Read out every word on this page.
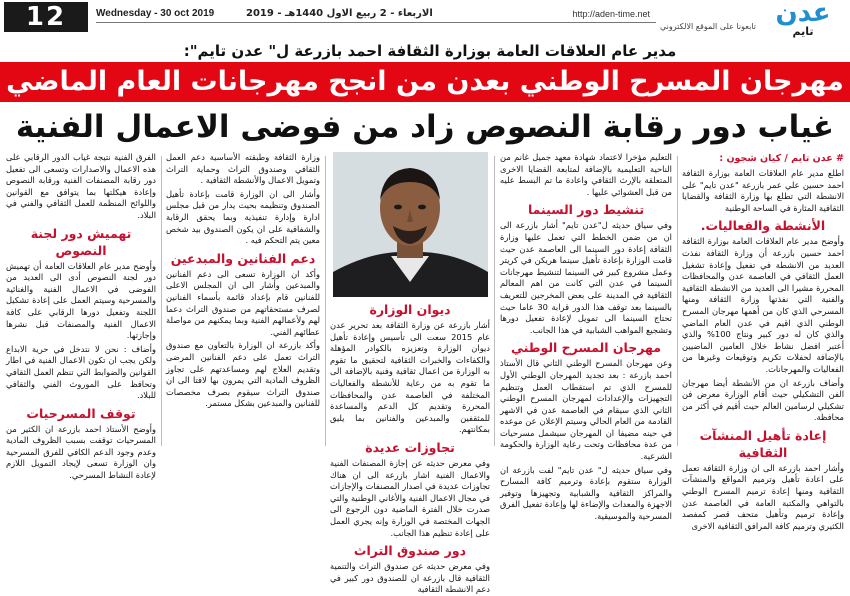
12	Wednesday - 30 oct 2019	الاربعاء - 2 ربيع الاول 1440هـ - 2019	http://aden-time.net
تابعونا على الموقع الالكتروني عدن
تايم
مدير عام العلاقات العامة بوزارة الثقافة احمد بازرعة ل" عدن تايم":
مهرجان المسرح الوطني بعدن من انجح مهرجانات العام الماضي
غياب دور رقابة النصوص زاد من فوضى الاعمال الفنية
# عدن تايم / كيان شجون :

اطلع مدير عام العلاقات العامة بوزارة الثقافة احمد حسين علي عمر بازرعة "عدن تايم" على الانشطة التي تطلع بها وزارة الثقافة والقضايا الثقافية المثارة في الساحة الوطنية

الأنشطة والفعاليات.

وأوضح مدير عام العلاقات العامة بوزارة الثقافة احمد حسين بازرعة أن وزارة الثقافة نفذت العديد من الانشطة في تفعيل وإعادة تشغيل العمل الثقافي في العاصمة عدن والمحافظات المحررة مشيرا الى العديد من الانشطة الثقافية والفنية التي نفذتها وزارة الثقافة ومنها المسرحي الذي كان من أهمها مهرجان المسرح الوطني الذي اقيم في عدن العام الماضي والذي كان له دور كبير ونتاج 100% والذي أعتبر افضل نشاط خلال العامين الماضيين بالإضافة لحفلات تكريم وتوقيعات وغيرها من الفعاليات والمهرجانات.

وأضاف بازرعة ان من الأنشطة أيضا مهرجان الفن التشكيلي حيث أقام الوزارة معرض فن تشكيلي لرسامين العالم حيث أقيم في أكثر من محافظة.

إعادة تأهيل المنشآت الثقافية

وأشار احمد بازرعة الى ان وزارة الثقافة تعمل على اعادة تأهيل وترميم المواقع والمنشآت الثقافية ومنها إعادة ترميم المسرح الوطني بالتواهي والمكتبة العامة في العاصمة عدن وإعادة ترميم وتأهيل متحف قصر كمفصد الكثيري وترميم كافة المرافق الثقافية الاخرى

التعليم مؤخرا لاعتماد شهادة معهد جميل غانم من الناحية التعليمية بالإضافة لمتابعة القضايا الاخرى المتعلقة بالإرث الثقافي واعادة ما تم البسط عليه من قبل العشوائي عليها .

تنشيط دور السينما

وفي سياق حديثه ل"عدن تايم" أشار بازرعة الى ان من ضمن الخطط التي تعمل عليها وزارة الثقافة إعادة دور السينما الى العاصمة عدن حيث قامت الوزارة بإعادة تأهيل سينما هريكن في كريتر وعمل مشروع كبير في السينما لتنشيط مهرجانات السينما في عدن التي كانت من اهم المعالم الثقافية في المدينة على بعض المخرجين للتعريف بالسينما بعد توقف هذا الدور قرابة 30 عاما حيث تحتاج السينما الى تمويل لإعادة تفعيل دورها وتشجيع المواهب الشبابية في هذا الجانب.

مهرجان المسرح الوطني

وعن مهرجان المسرح الوطني الثاني قال الأستاذ احمد بازرعة : بعد تجديد المهرجان الوطني الأول للمسرح الذي تم استقطاب العمل وتنظيم التجهيزات والإعدادات لمهرجان المسرح الوطني الثاني الذي سيقام في العاصمة عدن في الاشهر القادمة من العام الحالي وسيتم الإعلان عن موعده في حينه مضيفا ان المهرجان سيشمل مسرحيات من عدة محافظات وتحت رعاية الوزارة والحكومة الشرعية.

وفي سياق حديثه ل" عدن تايم" لفت بازرعة ان الوزارة ستقوم بإعادة وترميم كافة المسارح والمراكز الثقافية والشبابية وتجهيزها وتوفير الاجهزة والمعدات والإضاءة لها وإعادة تفعيل الفرق المسرحية والموسيقية.

ديوان الوزارة

أشار بازرعة عن وزارة الثقافة بعد تحرير عدن عام 2015 سعت الى تأسيس وإعادة تأهيل ديوان الوزارة وتعزيزه بالكوادر المؤهلة والكفاءات والخبرات الثقافية لتحقيق ما تقوم به الوزارة من اعمال ثقافية وفنية بالإضافة الى ما تقوم به من رعاية للأنشطة والفعاليات المختلفة في العاصمة عدن والمحافظات المحررة وتقديم كل الدعم والمساعدة للمثقفين والمبدعين والفنانين بما يليق بمكانتهم.

تجاوزات عديدة

وفي معرض حديثه عن إجازة المصنفات الفنية والاعمال الفنية اشار بازرعة الى ان هناك تجاوزات عديدة في اصدار المصنفات والإجازات في مجال الاعمال الفنية والأغاني الوطنية والتي صدرت خلال الفترة الماضية دون الرجوع الى الجهات المختصة في الوزارة وإنه يجري العمل على إعادة تنظيم هذا الجانب.

دور صندوق التراث

وفي معرض حديثه عن صندوق التراث والتنمية الثقافية قال بازرعة ان للصندوق دور كبير في دعم الانشطة الثقافية

وزارة الثقافة وطبقته الأساسية دعم العمل الثقافي وصندوق التراث وحماية التراث وتمويل الاعمال والأنشطة الثقافية .

وأشار الى ان الوزارة قامت بإعادة تأهيل الصندوق وتنظيمه بحيث يدار من قبل مجلس ادارة وإدارة تنفيذية وبما يحقق الرقابة والشفافية على ان يكون الصندوق بيد شخص معين يتم التحكم فيه .

دعم الفنانين والمبدعين

وأكد ان الوزارة تسعى الى دعم الفنانين والمبدعين وأشار الى ان المجلس الاعلى للفنانين قام بإعداد قائمة بأسماء الفنانين لصرف مستحقاتهم من صندوق التراث دعما لهم ولأعمالهم الفنية وبما يمكنهم من مواصلة عطائهم الفني.

وأكد بازرعة ان الوزارة بالتعاون مع صندوق التراث تعمل على دعم الفنانين المرضى وتقديم العلاج لهم ومساعدتهم على تجاوز الظروف المادية التي يمرون بها لافتا الى ان صندوق التراث سيقوم بصرف مخصصات للفنانين والمبدعين بشكل مستمر.

الفرق الفنية نتيجة غياب الدور الرقابي على هذه الاعمال والاصدارات وتسعى الى تفعيل دور رقابة المصنفات الفنية ورقابة النصوص وإعادة هيكلتها بما يتوافق مع القوانين واللوائح المنظمة للعمل الثقافي والفني في البلاد.

تهميش دور لجنة النصوص

وأوضح مدير عام العلاقات العامة أن تهميش دور لجنة النصوص أدى الى العديد من الفوضى في الاعمال الفنية والغنائية والمسرحية وسيتم العمل على إعادة تشكيل اللجنة وتفعيل دورها الرقابي على كافة الاعمال الفنية والمصنفات قبل نشرها وإجازتها.

وأضاف : نحن لا نتدخل في حرية الابداع ولكن يجب ان تكون الاعمال الفنية في اطار القوانين والضوابط التي تنظم العمل الثقافي وتحافظ على الموروث الفني والثقافي للبلاد.

توقف المسرحيات

وأوضح الأستاذ احمد بازرعة ان الكثير من المسرحيات توقفت بسبب الظروف المادية وعدم وجود الدعم الكافي للفرق المسرحية وان الوزارة تسعى لإيجاد التمويل اللازم لإعادة النشاط المسرحي.
